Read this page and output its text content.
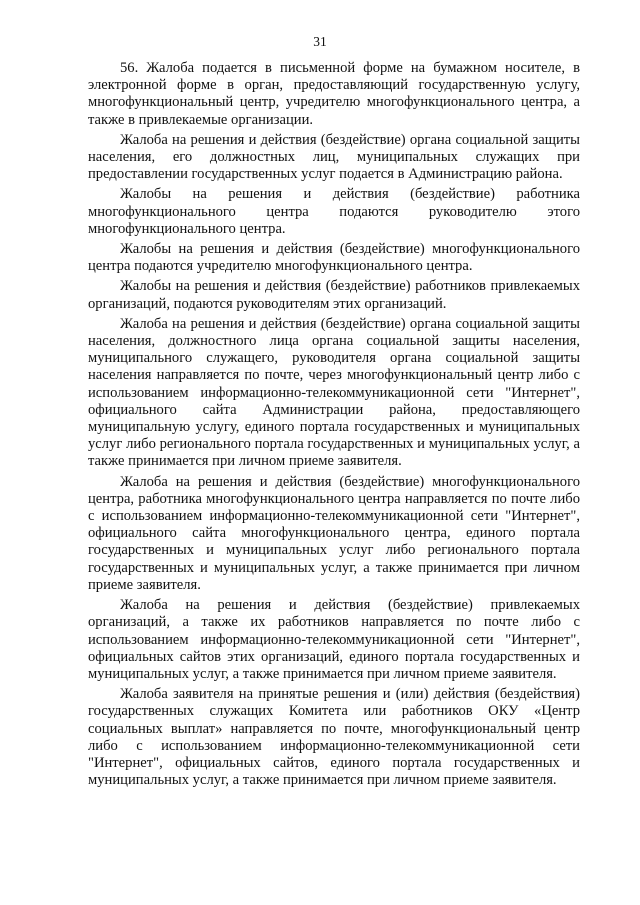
31

56. Жалоба подается в письменной форме на бумажном носителе, в электронной форме в орган, предоставляющий государственную услугу, многофункциональный центр, учредителю многофункционального центра, а также в привлекаемые организации.

Жалоба на решения и действия (бездействие) органа социальной защиты населения, его должностных лиц, муниципальных служащих при предоставлении государственных услуг подается в Администрацию района.

Жалобы на решения и действия (бездействие) работника многофункционального центра подаются руководителю этого многофункционального центра.

Жалобы на решения и действия (бездействие) многофункционального центра подаются учредителю многофункционального центра.

Жалобы на решения и действия (бездействие) работников привлекаемых организаций, подаются руководителям этих организаций.

Жалоба на решения и действия (бездействие) органа социальной защиты населения, должностного лица органа социальной защиты населения, муниципального служащего, руководителя органа социальной защиты населения направляется по почте, через многофункциональный центр либо с использованием информационно-телекоммуникационной сети "Интернет", официального сайта Администрации района, предоставляющего муниципальную услугу, единого портала государственных и муниципальных услуг либо регионального портала государственных и муниципальных услуг, а также принимается при личном приеме заявителя.

Жалоба на решения и действия (бездействие) многофункционального центра, работника многофункционального центра направляется по почте либо с использованием информационно-телекоммуникационной сети "Интернет", официального сайта многофункционального центра, единого портала государственных и муниципальных услуг либо регионального портала государственных и муниципальных услуг, а также принимается при личном приеме заявителя.

Жалоба на решения и действия (бездействие) привлекаемых организаций, а также их работников направляется по почте либо с использованием информационно-телекоммуникационной сети "Интернет", официальных сайтов этих организаций, единого портала государственных и муниципальных услуг, а также принимается при личном приеме заявителя.

Жалоба заявителя на принятые решения и (или) действия (бездействия) государственных служащих Комитета или работников ОКУ «Центр социальных выплат» направляется по почте, многофункциональный центр либо с использованием информационно-телекоммуникационной сети "Интернет", официальных сайтов, единого портала государственных и муниципальных услуг, а также принимается при личном приеме заявителя.
